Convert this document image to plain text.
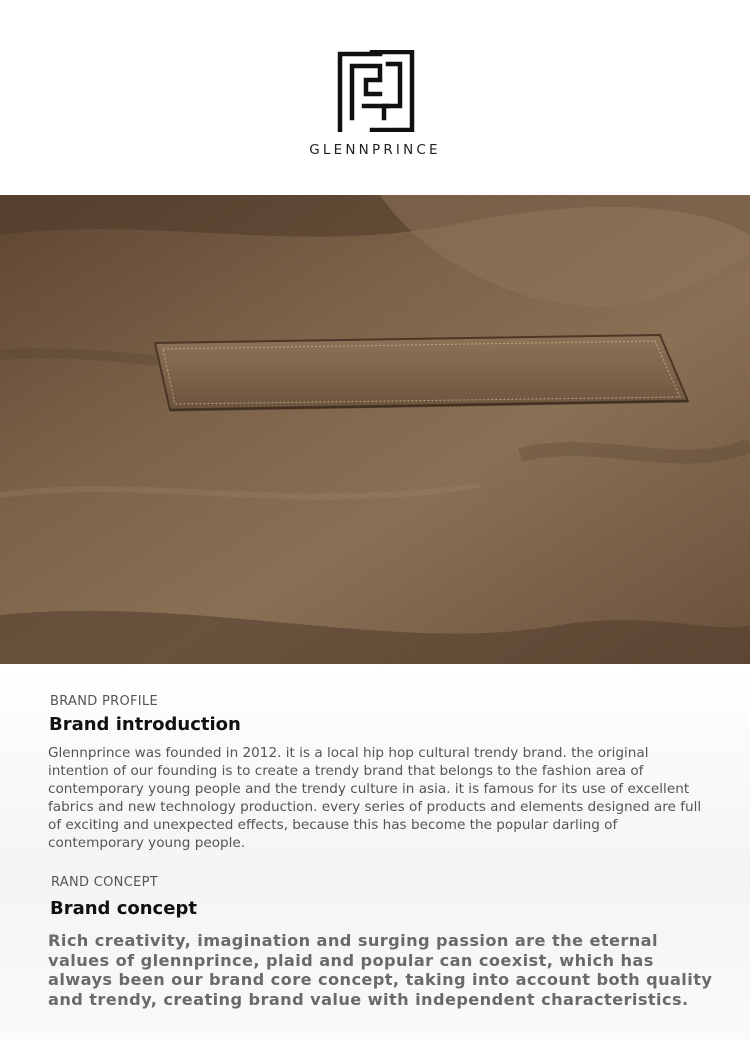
GLENNPRINCE
BRAND PROFILE
Brand introduction

Glennprince was founded in 2012. it is a local hip hop cultural trendy brand. the original intention of our founding is to create a trendy brand that belongs to the fashion area of contemporary young people and the trendy culture in asia. it is famous for its use of excellent fabrics and new technology production. every series of products and elements designed are full of exciting and unexpected effects, because this has become the popular darling of contemporary young people.

RAND CONCEPT
Brand concept

Rich creativity, imagination and surging passion are the eternal values of glennprince, plaid and popular can coexist, which has always been our brand core concept, taking into account both quality and trendy, creating brand value with independent characteristics.
